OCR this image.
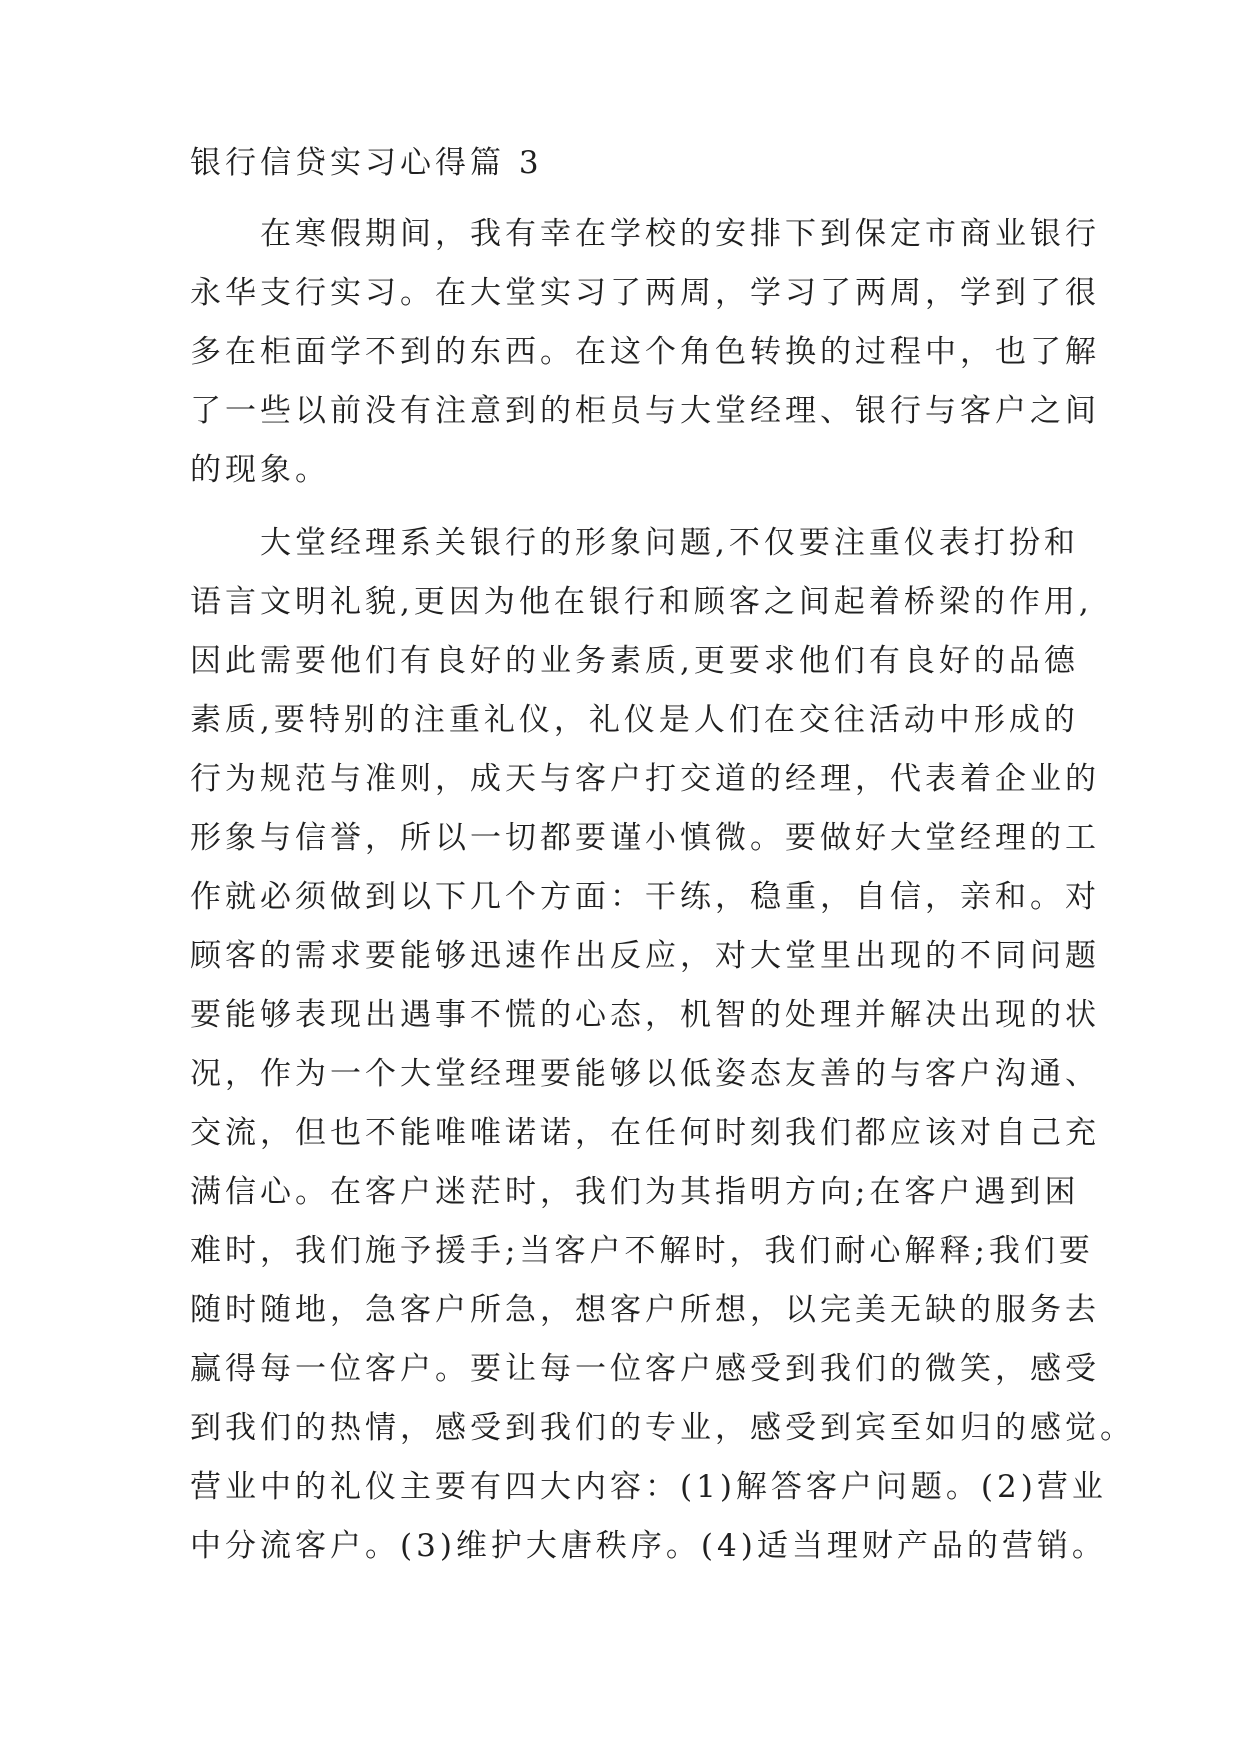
银行信贷实习心得篇 3

　　在寒假期间，我有幸在学校的安排下到保定市商业银行
永华支行实习。在大堂实习了两周，学习了两周，学到了很
多在柜面学不到的东西。在这个角色转换的过程中，也了解
了一些以前没有注意到的柜员与大堂经理、银行与客户之间
的现象。

　　大堂经理系关银行的形象问题,不仅要注重仪表打扮和
语言文明礼貌,更因为他在银行和顾客之间起着桥梁的作用,
因此需要他们有良好的业务素质,更要求他们有良好的品德
素质,要特别的注重礼仪，礼仪是人们在交往活动中形成的
行为规范与准则，成天与客户打交道的经理，代表着企业的
形象与信誉，所以一切都要谨小慎微。要做好大堂经理的工
作就必须做到以下几个方面：干练，稳重，自信，亲和。对
顾客的需求要能够迅速作出反应，对大堂里出现的不同问题
要能够表现出遇事不慌的心态，机智的处理并解决出现的状
况，作为一个大堂经理要能够以低姿态友善的与客户沟通、
交流，但也不能唯唯诺诺，在任何时刻我们都应该对自己充
满信心。在客户迷茫时，我们为其指明方向;在客户遇到困
难时，我们施予援手;当客户不解时，我们耐心解释;我们要
随时随地，急客户所急，想客户所想，以完美无缺的服务去
赢得每一位客户。要让每一位客户感受到我们的微笑，感受
到我们的热情，感受到我们的专业，感受到宾至如归的感觉。
营业中的礼仪主要有四大内容：(1)解答客户问题。(2)营业
中分流客户。(3)维护大唐秩序。(4)适当理财产品的营销。
